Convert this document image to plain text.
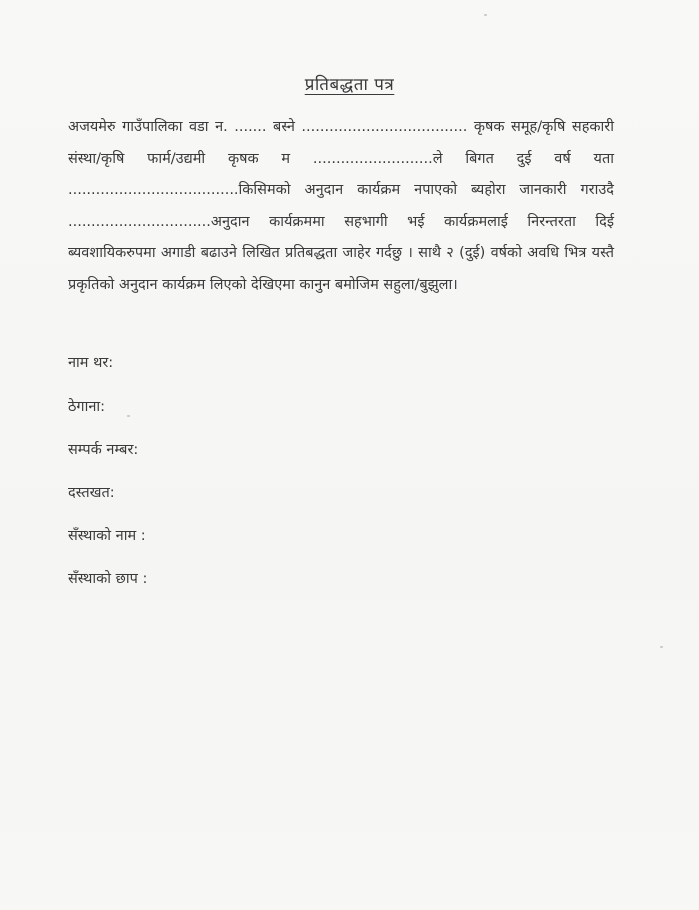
प्रतिबद्धता पत्र
अजयमेरु गाउँपालिका वडा न. ....... बस्ने .................................... कृषक समूह/कृषि सहकारी संस्था/कृषि फार्म/उद्यमी कृषक म ..........................ले बिगत दुई वर्ष यता .....................................किसिमको अनुदान कार्यक्रम नपाएको ब्यहोरा जानकारी गराउदै ...............................अनुदान कार्यक्रममा सहभागी भई कार्यक्रमलाई निरन्तरता दिई ब्यवशायिकरुपमा अगाडी बढाउने लिखित प्रतिबद्धता जाहेर गर्दछु । साथै २ (दुई) वर्षको अवधि भित्र यस्तै प्रकृतिको अनुदान कार्यक्रम लिएको देखिएमा कानुन बमोजिम सहुला/बुझुला।
नाम थर:
ठेगाना:
सम्पर्क नम्बर:
दस्तखत:
सँस्थाको नाम :
सँस्थाको छाप :
